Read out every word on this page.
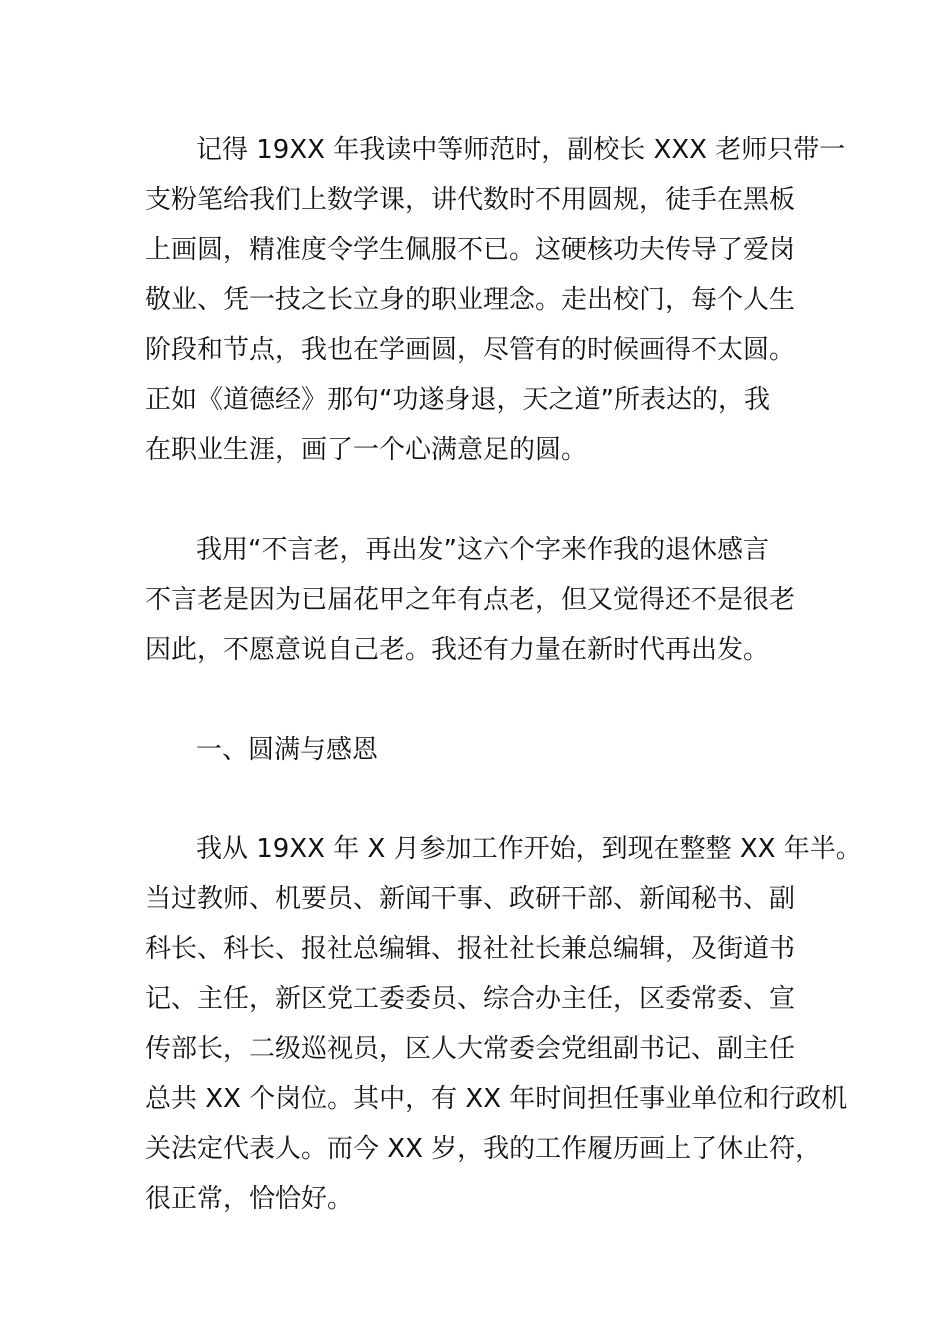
记得 19XX 年我读中等师范时，副校长 XXX 老师只带一

支粉笔给我们上数学课，讲代数时不用圆规，徒手在黑板

上画圆，精准度令学生佩服不已。这硬核功夫传导了爱岗

敬业、凭一技之长立身的职业理念。走出校门，每个人生

阶段和节点，我也在学画圆，尽管有的时候画得不太圆。

正如《道德经》那句“功遂身退，天之道”所表达的，我

在职业生涯，画了一个心满意足的圆。

我用“不言老，再出发”这六个字来作我的退休感言

不言老是因为已届花甲之年有点老，但又觉得还不是很老

因此，不愿意说自己老。我还有力量在新时代再出发。

一、圆满与感恩

我从 19XX 年 X 月参加工作开始，到现在整整 XX 年半。

当过教师、机要员、新闻干事、政研干部、新闻秘书、副

科长、科长、报社总编辑、报社社长兼总编辑，及街道书

记、主任，新区党工委委员、综合办主任，区委常委、宣

传部长，二级巡视员，区人大常委会党组副书记、副主任

总共 XX 个岗位。其中，有 XX 年时间担任事业单位和行政机

关法定代表人。而今 XX 岁，我的工作履历画上了休止符，

很正常，恰恰好。
